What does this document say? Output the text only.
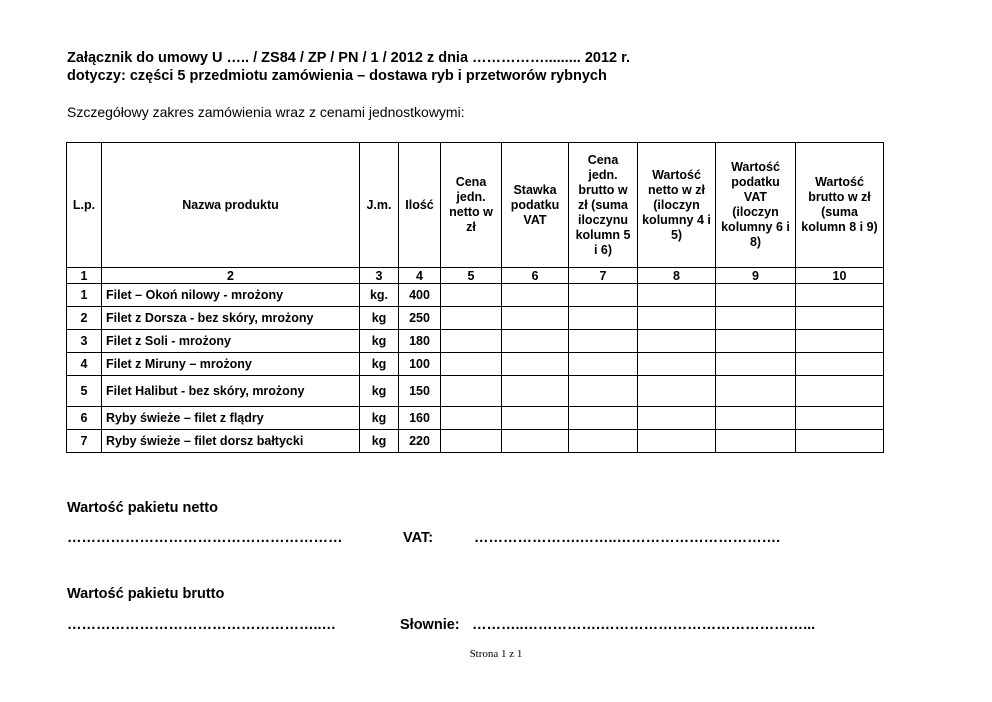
Załącznik do umowy U ….. / ZS84 / ZP / PN / 1 / 2012 z dnia ……………......... 2012 r.
dotyczy: części 5 przedmiotu zamówienia – dostawa ryb i przetworów rybnych
Szczegółowy zakres zamówienia wraz z cenami jednostkowymi:
L.p.	Nazwa produktu	J.m.	Ilość	Cena jedn. netto w zł	Stawka podatku VAT	Cena jedn. brutto w zł (suma iloczynu kolumn 5 i 6)	Wartość netto w zł (iloczyn kolumny 4 i 5)	Wartość podatku VAT (iloczyn kolumny 6 i 8)	Wartość brutto w zł (suma kolumn 8 i 9)
1	2	3	4	5	6	7	8	9	10
1	Filet – Okoń nilowy - mrożony	kg.	400						
2	Filet z Dorsza - bez skóry, mrożony	kg	250						
3	Filet z Soli - mrożony	kg	180						
4	Filet z Miruny – mrożony	kg	100						
5	Filet Halibut - bez skóry, mrożony	kg	150						
6	Ryby świeże – filet z flądry	kg	160						
7	Ryby świeże – filet dorsz bałtycki	kg	220						
Wartość pakietu netto
…………………………………………………	VAT:	………………….……..…………………………….
Wartość pakietu brutto
……………………………………………..…	Słownie: ………..…………….……………………………………...
Strona 1 z 1
